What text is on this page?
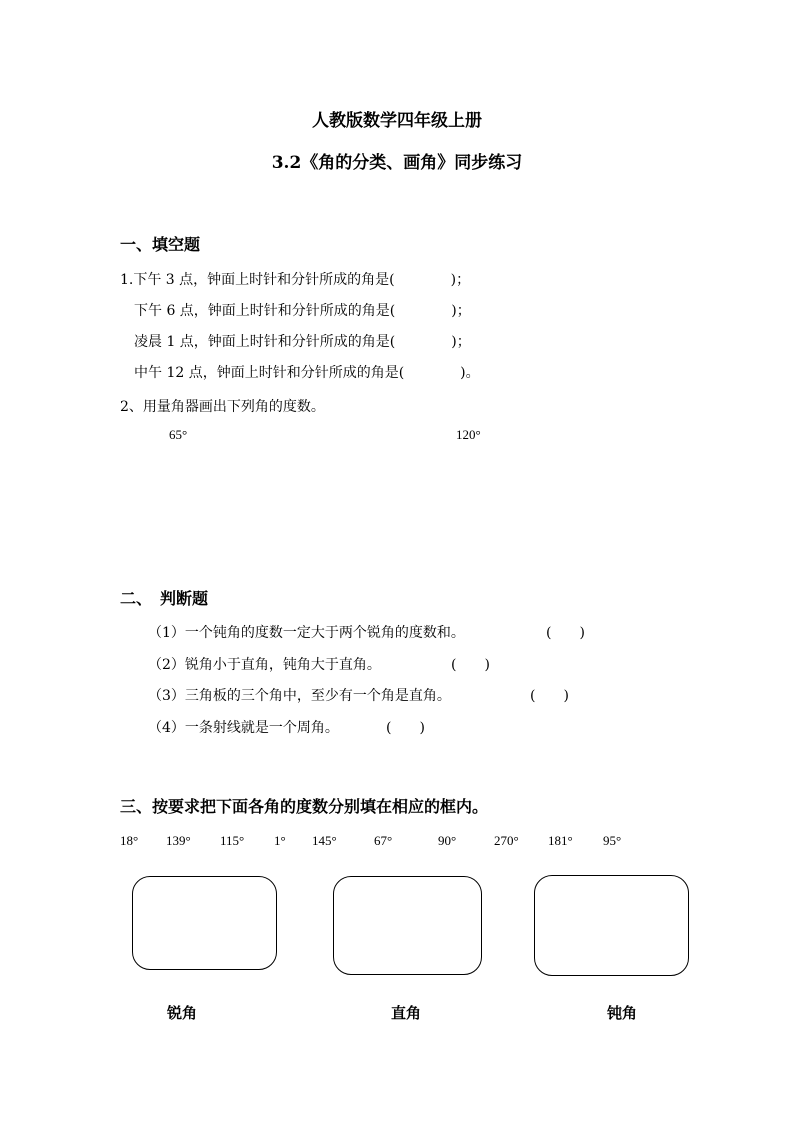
人教版数学四年级上册
3.2《角的分类、画角》同步练习
一、填空题
1.下午 3 点，钟面上时针和分针所成的角是(　　　　)；
下午 6 点，钟面上时针和分针所成的角是(　　　　)；
凌晨 1 点，钟面上时针和分针所成的角是(　　　　)；
中午 12 点，钟面上时针和分针所成的角是(　　　　)。
2、用量角器画出下列角的度数。
65°	120°
二、　判断题
（1）一个钝角的度数一定大于两个锐角的度数和。	(　　)
（2）锐角小于直角，钝角大于直角。	(　　)
（3）三角板的三个角中，至少有一个角是直角。	(　　)
（4）一条射线就是一个周角。	(　　)
三、按要求把下面各角的度数分别填在相应的框内。
18° 139° 115° 1° 145°	67°	90°	270° 181° 95°
锐角	直角	钝角
